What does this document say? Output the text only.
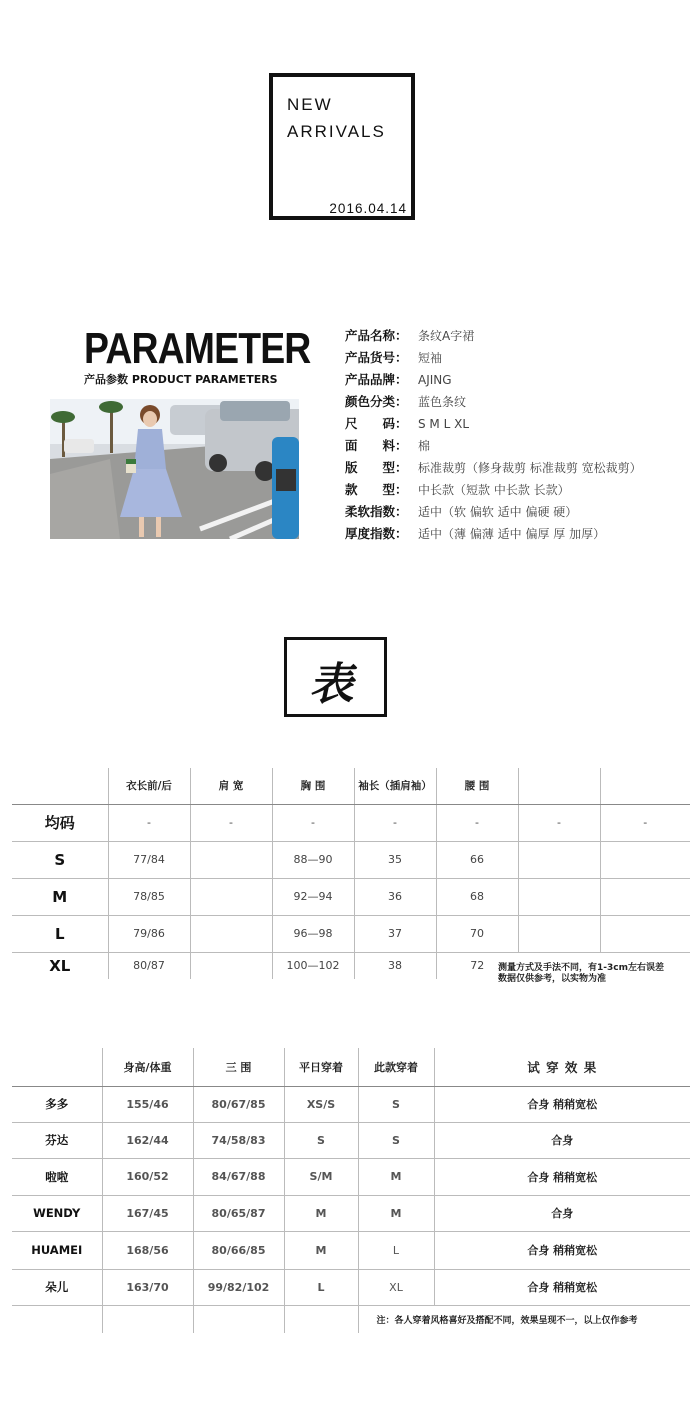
NEW
ARRIVALS
2016.04.14
PARAMETER
产品参数 PRODUCT PARAMETERS
产品名称： 条纹A字裙
产品货号： 短袖
产品品牌： AJING
颜色分类： 蓝色条纹
尺　　码： S M L XL
面　　料： 棉
版　　型： 标准裁剪（修身裁剪 标准裁剪 宽松裁剪）
款　　型： 中长款（短款 中长款 长款）
柔软指数： 适中（软 偏软 适中 偏硬 硬）
厚度指数： 适中（薄 偏薄 适中 偏厚 厚 加厚）
表
	衣长前/后	肩 宽	胸 围	袖长（插肩袖）	腰 围		
均码	-	-	-	-	-	-	-
S	77/84		88—90	35	66		
M	78/85		92—94	36	68		
L	79/86		96—98	37	70		
XL	80/87		100—102	38	72		测量方式及手法不同，有1-3cm左右误差
数据仅供参考，以实物为准
	身高/体重	三 围	平日穿着	此款穿着	试 穿 效 果
多多	155/46	80/67/85	XS/S	S	合身 稍稍宽松
芬达	162/44	74/58/83	S	S	合身
啦啦	160/52	84/67/88	S/M	M	合身 稍稍宽松
WENDY	167/45	80/65/87	M	M	合身
HUAMEI	168/56	80/66/85	M	L	合身 稍稍宽松
朵儿	163/70	99/82/102	L	XL	合身 稍稍宽松
				注：各人穿着风格喜好及搭配不同，效果呈现不一，以上仅作参考	
